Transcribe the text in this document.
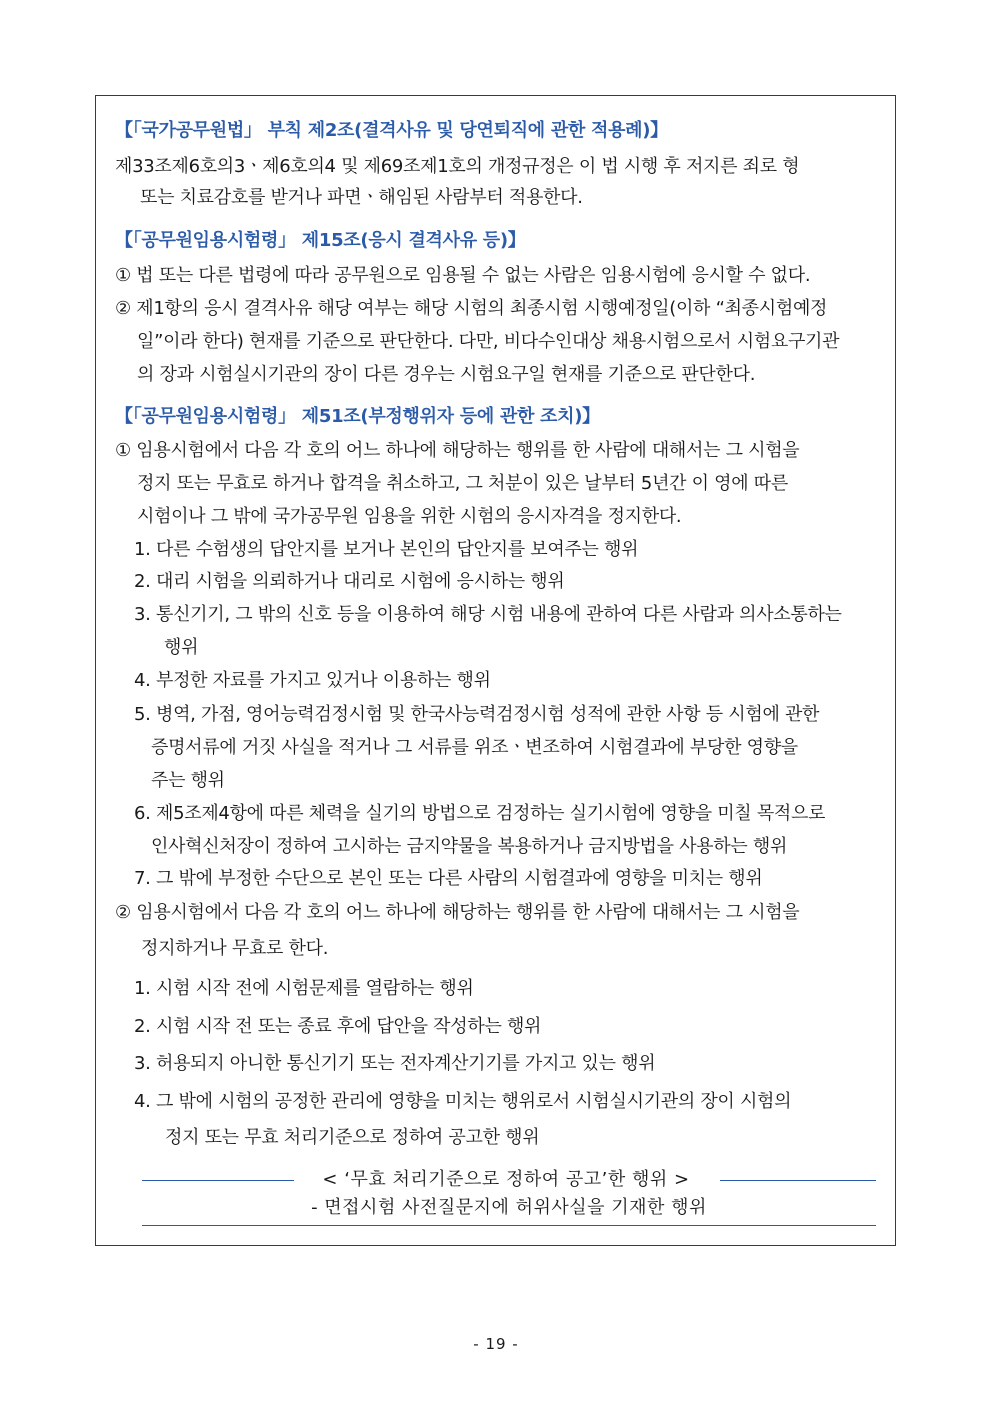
【「국가공무원법」 부칙 제2조(결격사유 및 당연퇴직에 관한 적용례)】
제33조제6호의3ㆍ제6호의4 및 제69조제1호의 개정규정은 이 법 시행 후 저지른 죄로 형
또는 치료감호를 받거나 파면ㆍ해임된 사람부터 적용한다.
【「공무원임용시험령」 제15조(응시 결격사유 등)】
① 법 또는 다른 법령에 따라 공무원으로 임용될 수 없는 사람은 임용시험에 응시할 수 없다.
② 제1항의 응시 결격사유 해당 여부는 해당 시험의 최종시험 시행예정일(이하 “최종시험예정
일”이라 한다) 현재를 기준으로 판단한다. 다만, 비다수인대상 채용시험으로서 시험요구기관
의 장과 시험실시기관의 장이 다른 경우는 시험요구일 현재를 기준으로 판단한다.
【「공무원임용시험령」 제51조(부정행위자 등에 관한 조치)】
① 임용시험에서 다음 각 호의 어느 하나에 해당하는 행위를 한 사람에 대해서는 그 시험을
정지 또는 무효로 하거나 합격을 취소하고, 그 처분이 있은 날부터 5년간 이 영에 따른
시험이나 그 밖에 국가공무원 임용을 위한 시험의 응시자격을 정지한다.
1. 다른 수험생의 답안지를 보거나 본인의 답안지를 보여주는 행위
2. 대리 시험을 의뢰하거나 대리로 시험에 응시하는 행위
3. 통신기기, 그 밖의 신호 등을 이용하여 해당 시험 내용에 관하여 다른 사람과 의사소통하는
행위
4. 부정한 자료를 가지고 있거나 이용하는 행위
5. 병역, 가점, 영어능력검정시험 및 한국사능력검정시험 성적에 관한 사항 등 시험에 관한
증명서류에 거짓 사실을 적거나 그 서류를 위조ㆍ변조하여 시험결과에 부당한 영향을
주는 행위
6. 제5조제4항에 따른 체력을 실기의 방법으로 검정하는 실기시험에 영향을 미칠 목적으로
인사혁신처장이 정하여 고시하는 금지약물을 복용하거나 금지방법을 사용하는 행위
7. 그 밖에 부정한 수단으로 본인 또는 다른 사람의 시험결과에 영향을 미치는 행위
② 임용시험에서 다음 각 호의 어느 하나에 해당하는 행위를 한 사람에 대해서는 그 시험을
정지하거나 무효로 한다.
1. 시험 시작 전에 시험문제를 열람하는 행위
2. 시험 시작 전 또는 종료 후에 답안을 작성하는 행위
3. 허용되지 아니한 통신기기 또는 전자계산기기를 가지고 있는 행위
4. 그 밖에 시험의 공정한 관리에 영향을 미치는 행위로서 시험실시기관의 장이 시험의
정지 또는 무효 처리기준으로 정하여 공고한 행위
< ‘무효 처리기준으로 정하여 공고’한 행위 >
- 면접시험 사전질문지에 허위사실을 기재한 행위
- 19 -
